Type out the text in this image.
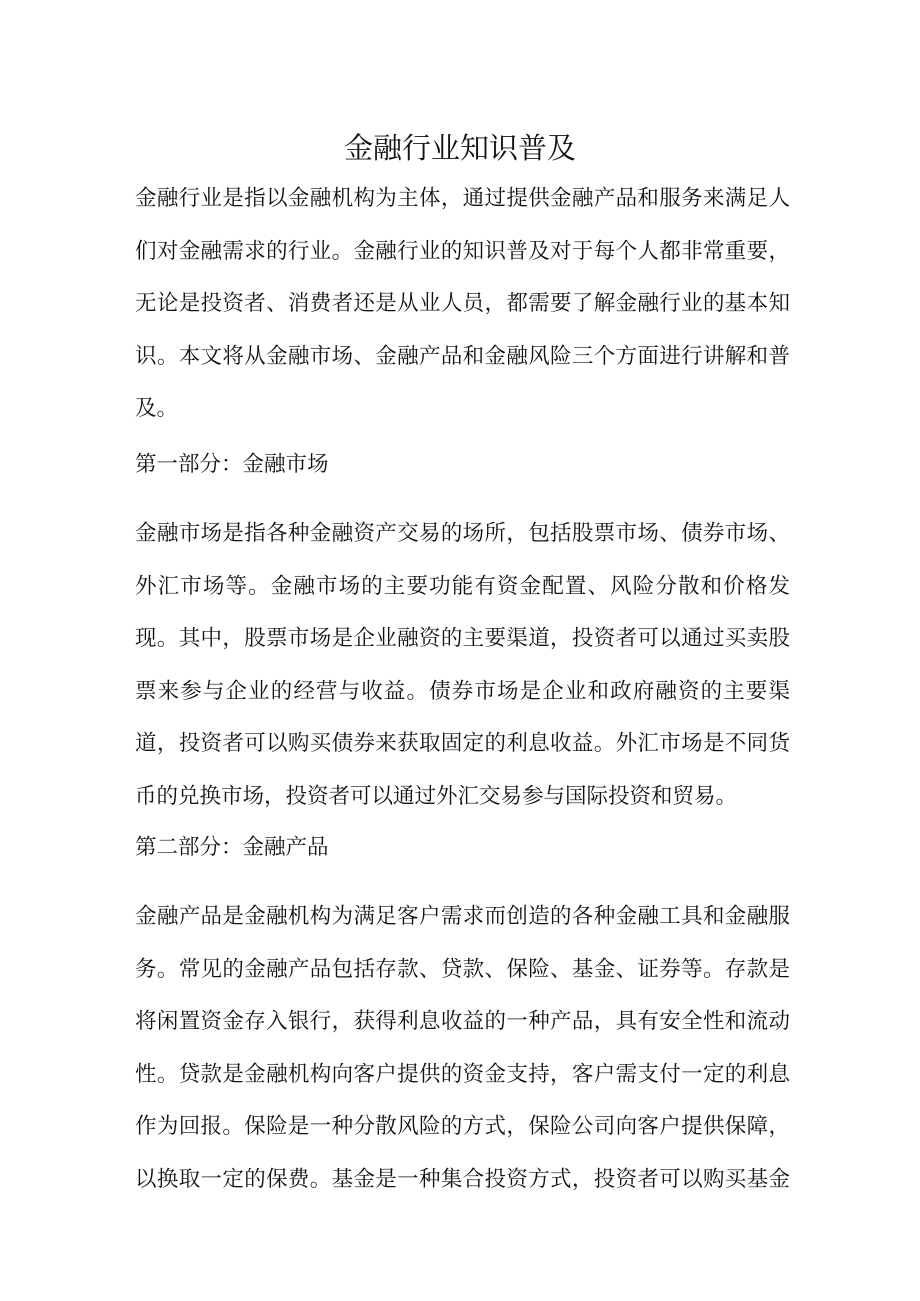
金融行业知识普及
金融行业是指以金融机构为主体，通过提供金融产品和服务来满足人
们对金融需求的行业。金融行业的知识普及对于每个人都非常重要，
无论是投资者、消费者还是从业人员，都需要了解金融行业的基本知
识。本文将从金融市场、金融产品和金融风险三个方面进行讲解和普
及。
第一部分：金融市场
金融市场是指各种金融资产交易的场所，包括股票市场、债券市场、
外汇市场等。金融市场的主要功能有资金配置、风险分散和价格发
现。其中，股票市场是企业融资的主要渠道，投资者可以通过买卖股
票来参与企业的经营与收益。债券市场是企业和政府融资的主要渠
道，投资者可以购买债券来获取固定的利息收益。外汇市场是不同货
币的兑换市场，投资者可以通过外汇交易参与国际投资和贸易。
第二部分：金融产品
金融产品是金融机构为满足客户需求而创造的各种金融工具和金融服
务。常见的金融产品包括存款、贷款、保险、基金、证券等。存款是
将闲置资金存入银行，获得利息收益的一种产品，具有安全性和流动
性。贷款是金融机构向客户提供的资金支持，客户需支付一定的利息
作为回报。保险是一种分散风险的方式，保险公司向客户提供保障，
以换取一定的保费。基金是一种集合投资方式，投资者可以购买基金
